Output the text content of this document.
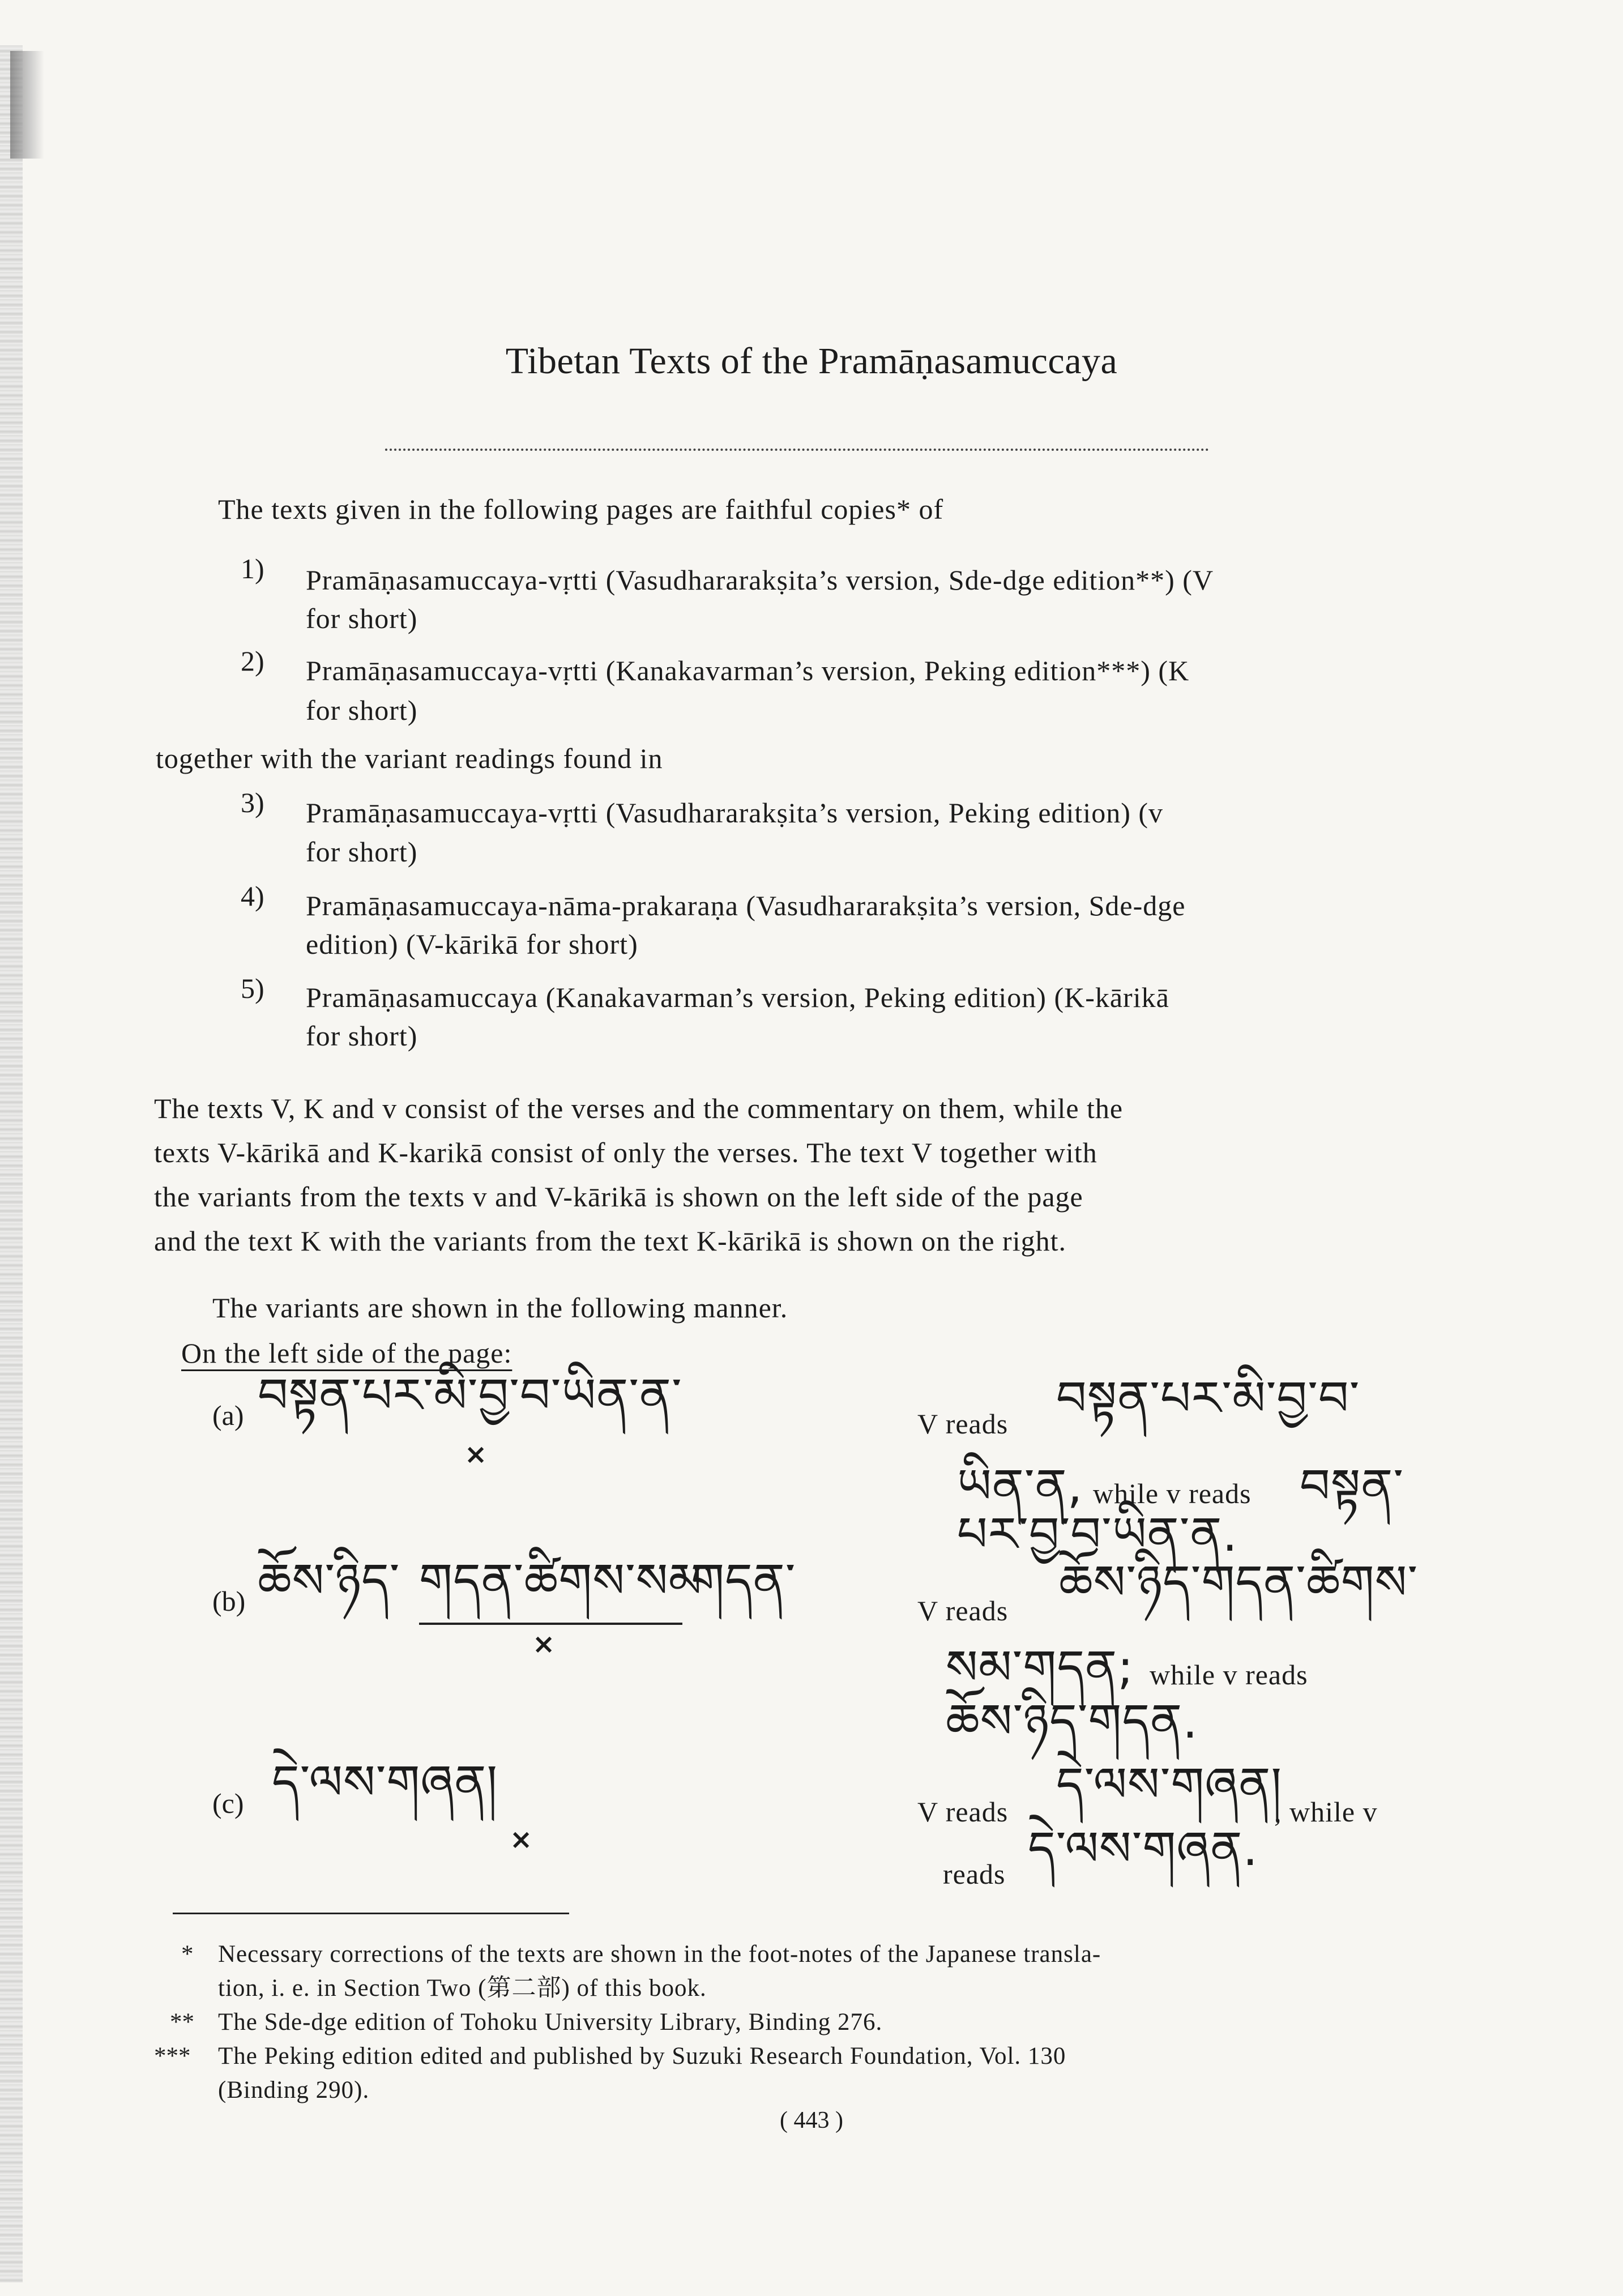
Tibetan Texts of the Pramāṇasamuccaya
The texts given in the following pages are faithful copies* of
1) Pramāṇasamuccaya-vṛtti (Vasudhararakṣita’s version, Sde-dge edition**) (V
for short)
2) Pramāṇasamuccaya-vṛtti (Kanakavarman’s version, Peking edition***) (K
for short)
together with the variant readings found in
3) Pramāṇasamuccaya-vṛtti (Vasudhararakṣita’s version, Peking edition) (v
for short)
4) Pramāṇasamuccaya-nāma-prakaraṇa (Vasudhararakṣita’s version, Sde-dge
edition) (V-kārikā for short)
5) Pramāṇasamuccaya (Kanakavarman’s version, Peking edition) (K-kārikā
for short)
The texts V, K and v consist of the verses and the commentary on them, while the
texts V-kārikā and K-karikā consist of only the verses. The text V together with
the variants from the texts v and V-kārikā is shown on the left side of the page
and the text K with the variants from the text K-kārikā is shown on the right.
The variants are shown in the following manner.
On the left side of the page:
(a) བསྟན་པར་མི་བྱ་བ་ཡིན་ན་
×
V reads བསྟན་པར་མི་བྱ་བ་
ཡིན་ན, while v reads བསྟན་
པར་བྱ་བ་ཡིན་ན.
(b) ཆོས་ཉིད་ གདན་ཚིགས་སམ་
གདན་
×
V reads
ཆོས་ཉིད་གདན་ཚིགས་
སམ་གདན; while v reads
ཆོས་ཉིད་གདན.
(c) དེ་ལས་གཞན།
×
V reads དེ་ལས་གཞན།
, while v
reads དེ་ལས་གཞན.
* Necessary corrections of the texts are shown in the foot-notes of the Japanese transla-
tion, i. e. in Section Two (第二部) of this book.
** The Sde-dge edition of Tohoku University Library, Binding 276.
*** The Peking edition edited and published by Suzuki Research Foundation, Vol. 130
(Binding 290).
( 443 )
